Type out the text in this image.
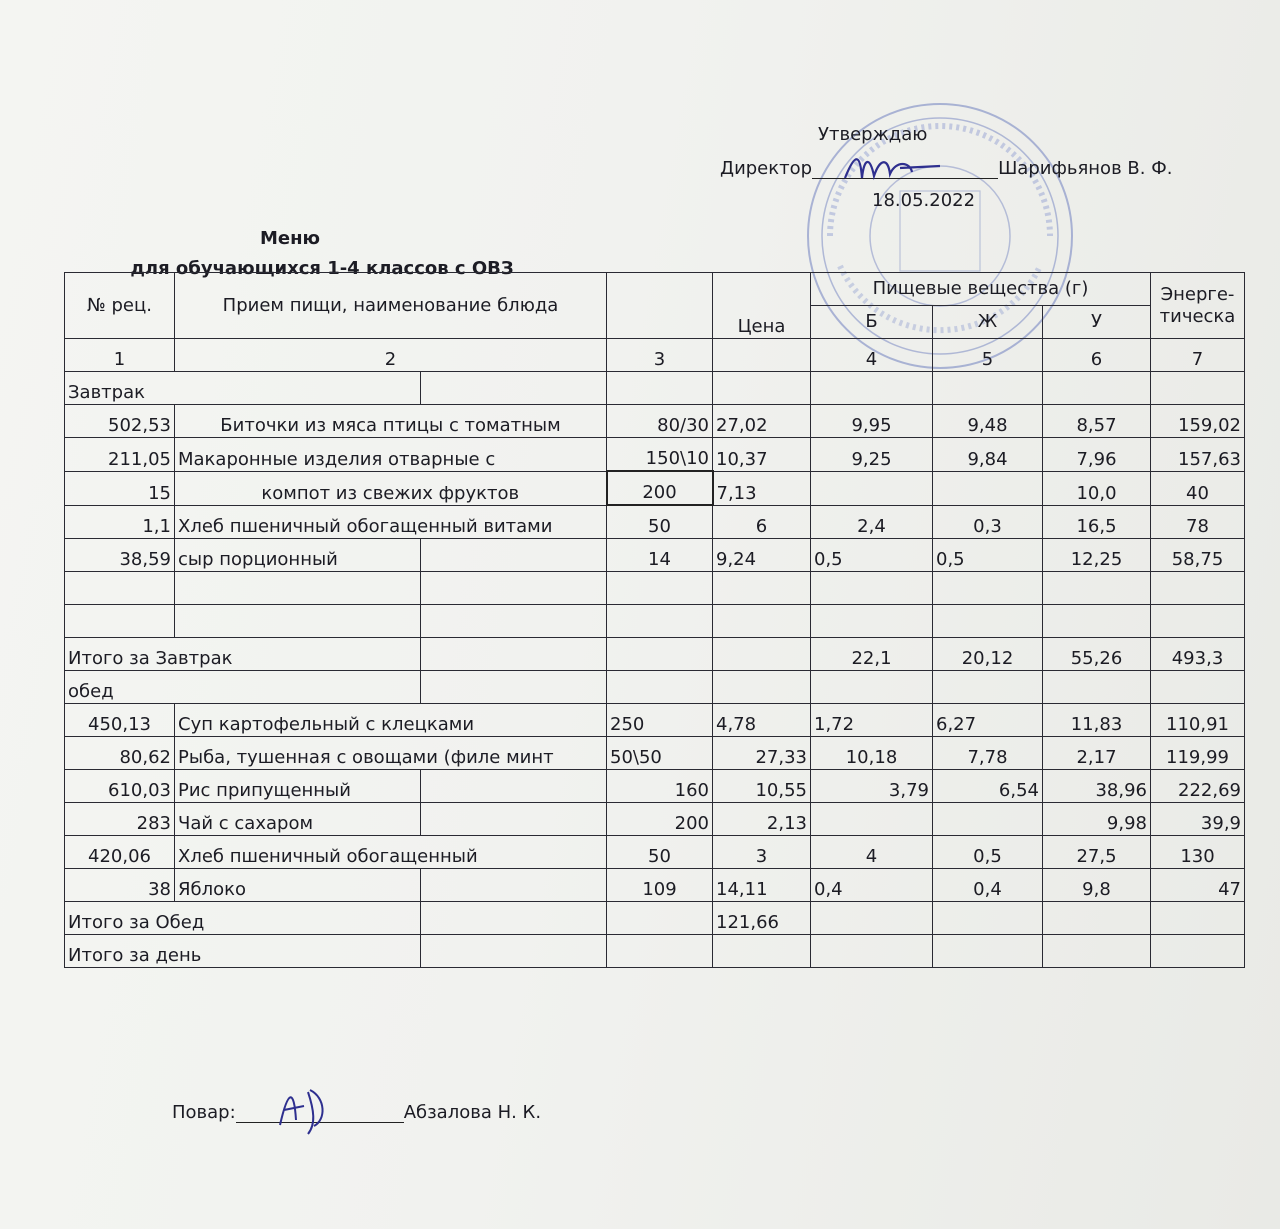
Утверждаю
Директор	Шарифьянов В. Ф.
18.05.2022
Меню
для обучающихся 1-4 классов с ОВЗ
№ рец.	Прием пищи, наименование блюда			Цена	Пищевые вещества (г)			Энерге-тическа
					Б	Ж	У	
1	2		3		4	5	6	7
Завтрак								
502,53	Биточки из мяса птицы с томатным		80/30	27,02	9,95	9,48	8,57	159,02
211,05	Макаронные изделия отварные с		150\10	10,37	9,25	9,84	7,96	157,63
15	компот из свежих фруктов		200	7,13			10,0	40
1,1	Хлеб пшеничный обогащенный витами		50	6	2,4	0,3	16,5	78
38,59	сыр порционный		14	9,24	0,5	0,5	12,25	58,75

Итого за Завтрак					22,1	20,12	55,26	493,3
обед								
450,13	Суп картофельный с клецками		250	4,78	1,72	6,27	11,83	110,91
80,62	Рыба, тушенная с овощами (филе минт		50\50	27,33	10,18	7,78	2,17	119,99
610,03	Рис припущенный		160	10,55	3,79	6,54	38,96	222,69
283	Чай с сахаром		200	2,13			9,98	39,9
420,06	Хлеб пшеничный обогащенный		50	3	4	0,5	27,5	130
38	Яблоко		109	14,11	0,4	0,4	9,8	47
Итого за Обед				121,66				
Итого за день								
Повар:	Абзалова Н. К.
